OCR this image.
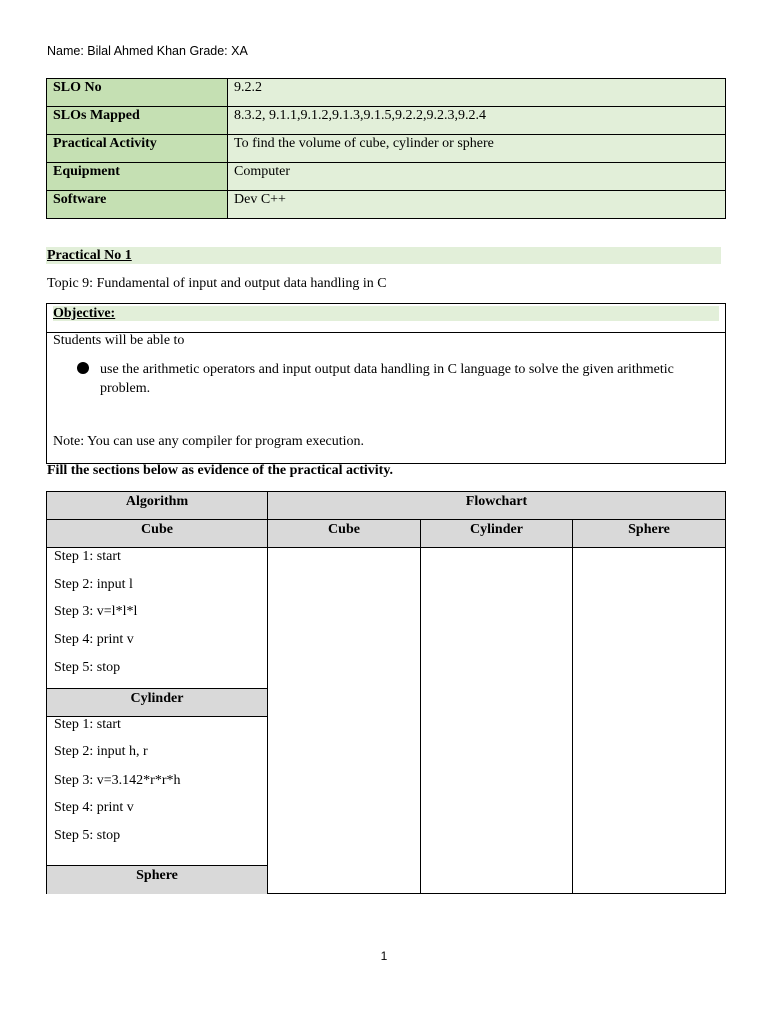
Name: Bilal Ahmed Khan Grade: XA
SLO No	9.2.2
SLOs Mapped	8.3.2, 9.1.1,9.1.2,9.1.3,9.1.5,9.2.2,9.2.3,9.2.4
Practical Activity	To find the volume of cube, cylinder or sphere
Equipment	Computer
Software	Dev C++
Practical No 1
Topic 9: Fundamental of input and output data handling in C
Objective:
Students will be able to
use the arithmetic operators and input output data handling in C language to solve the given arithmetic problem.
Note: You can use any compiler for program execution.
Fill the sections below as evidence of the practical activity.
Algorithm	Flowchart
Cube	Cube	Cylinder	Sphere
Step 1: start
Step 2: input l
Step 3: v=l*l*l
Step 4: print v
Step 5: stop
Cylinder
Step 1: start
Step 2: input h, r
Step 3: v=3.142*r*r*h
Step 4: print v
Step 5: stop
Sphere
1
